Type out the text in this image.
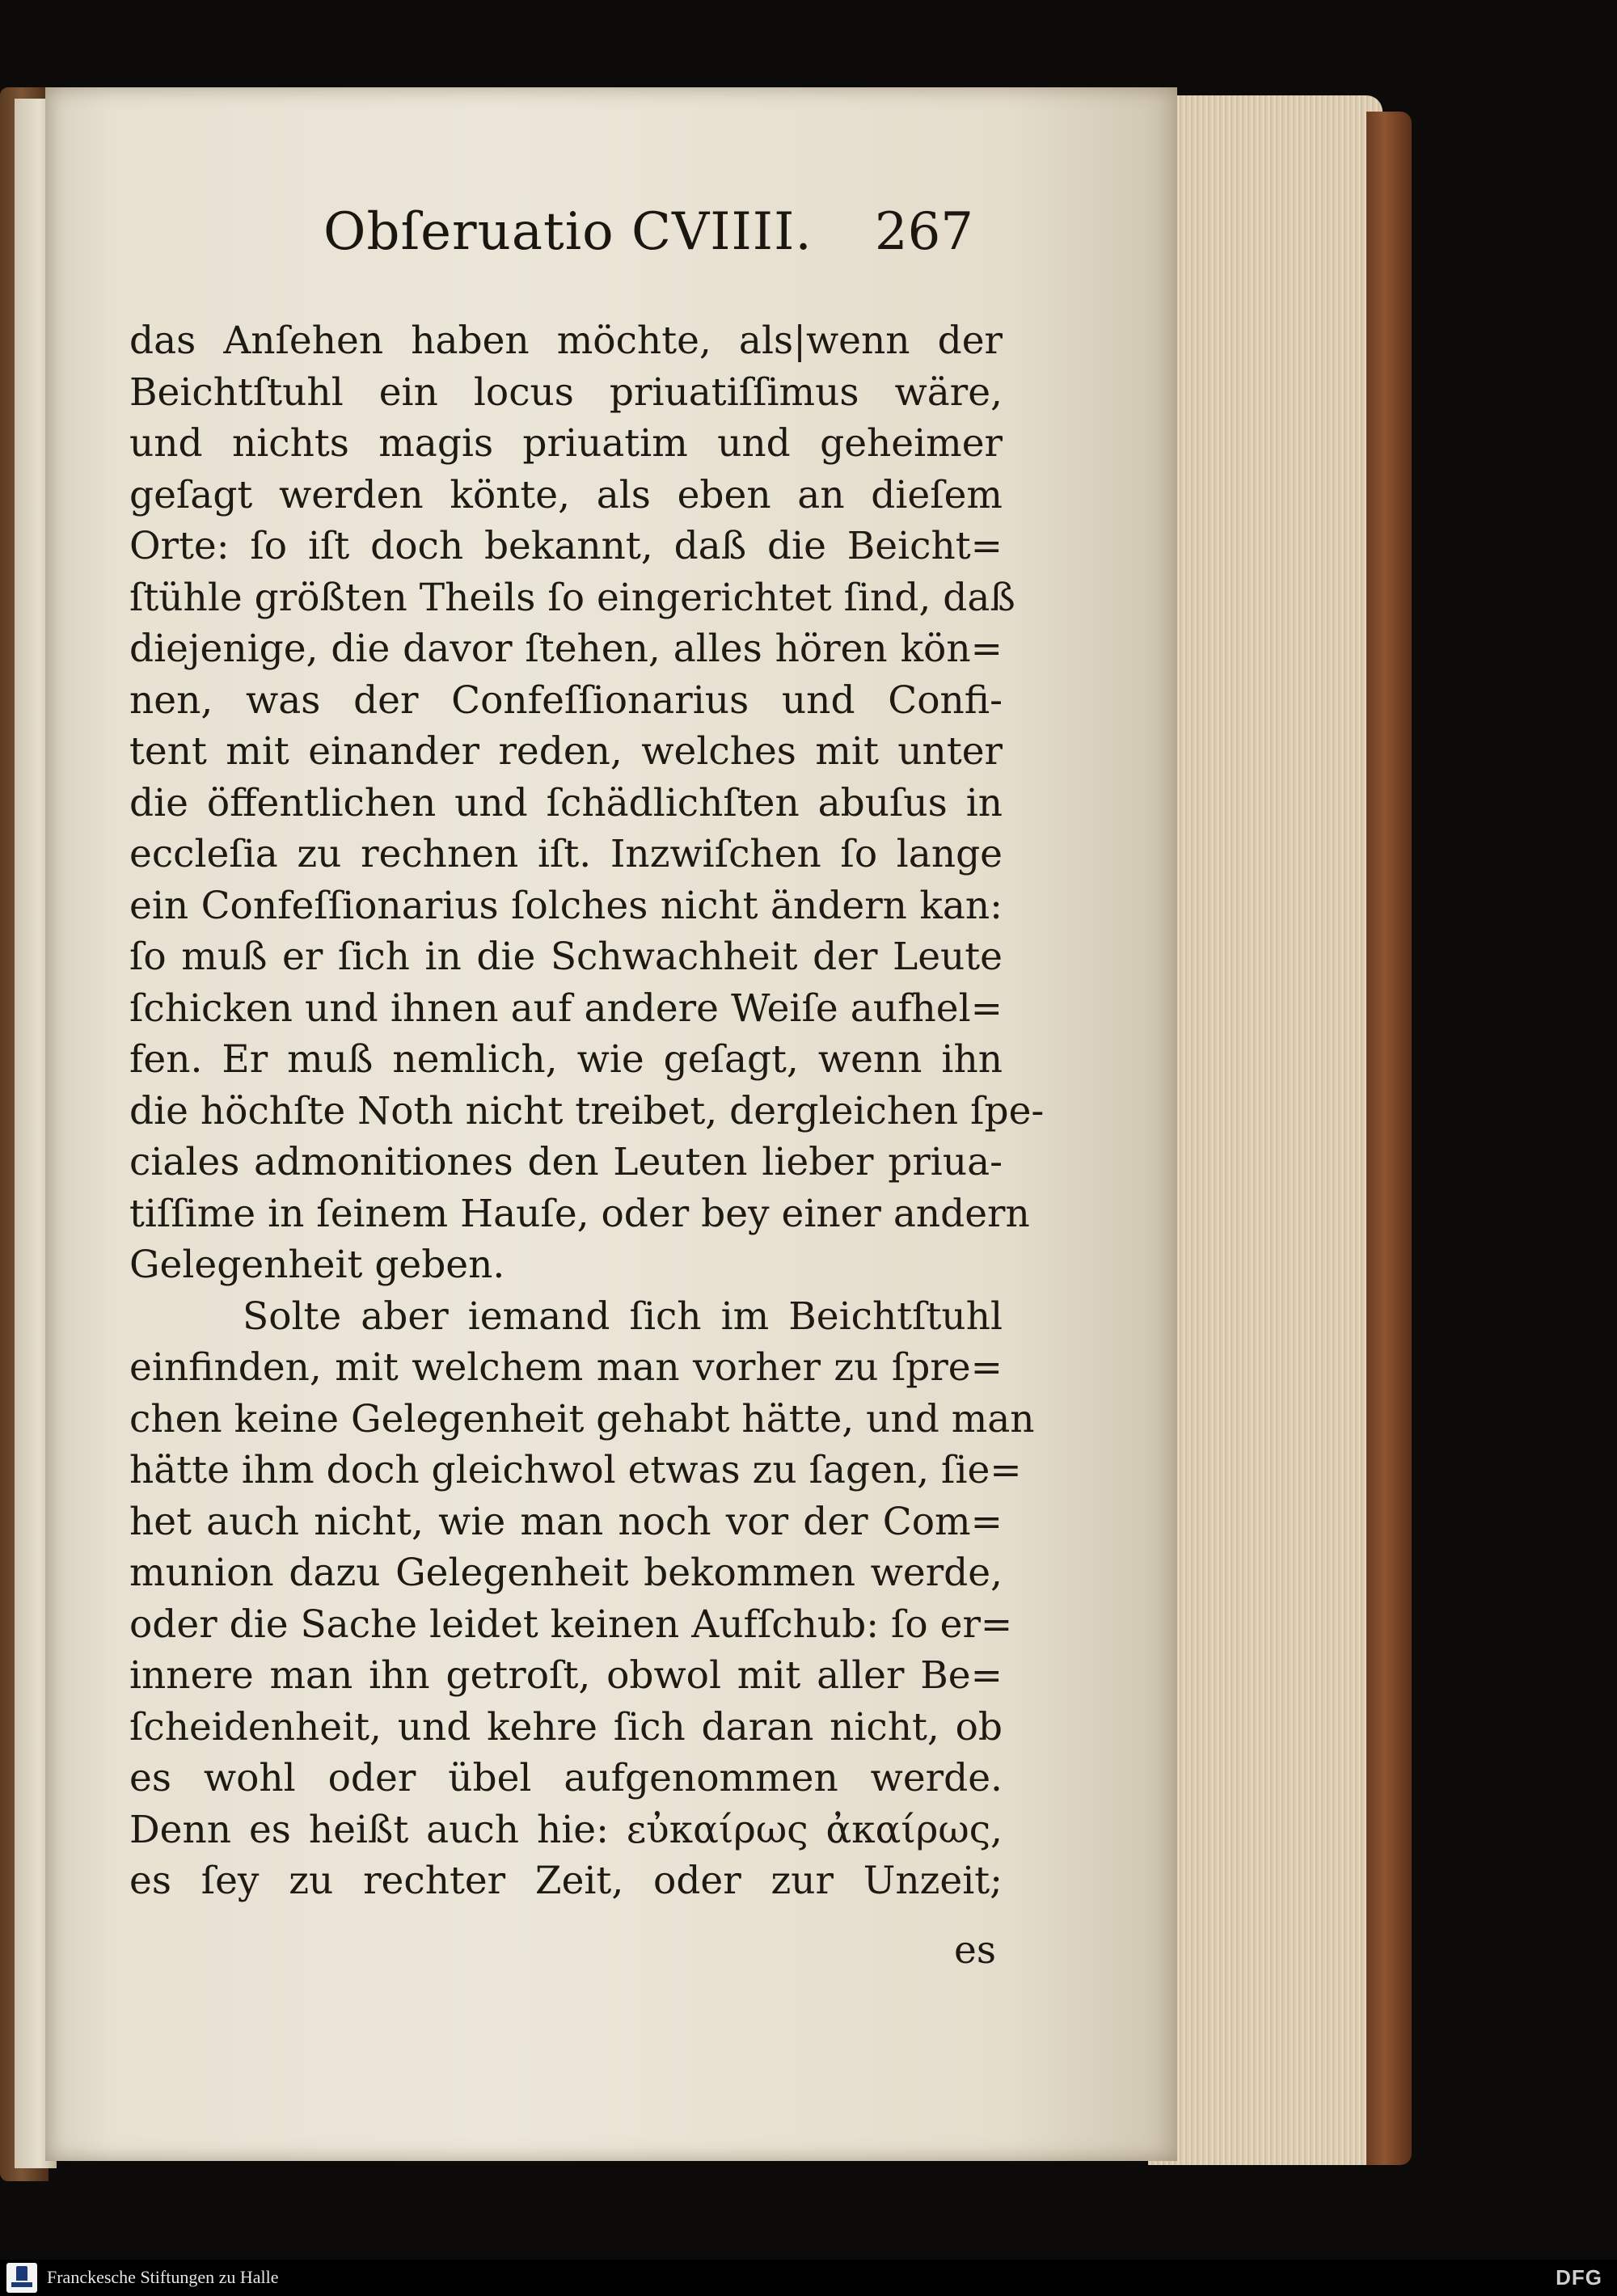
Obſeruatio CVIIII. 267
das Anſehen haben möchte, als|wenn der
Beichtſtuhl ein locus priuatiſſimus wäre,
und nichts magis priuatim und geheimer
geſagt werden könte, als eben an dieſem
Orte: ſo iſt doch bekannt, daß die Beicht=
ſtühle größten Theils ſo eingerichtet ſind, daß
diejenige, die davor ſtehen, alles hören kön=
nen, was der Confeſſionarius und Confi-
tent mit einander reden, welches mit unter
die öffentlichen und ſchädlichſten abuſus in
eccleſia zu rechnen iſt. Inzwiſchen ſo lange
ein Confeſſionarius ſolches nicht ändern kan:
ſo muß er ſich in die Schwachheit der Leute
ſchicken und ihnen auf andere Weiſe aufhel=
fen. Er muß nemlich, wie geſagt, wenn ihn
die höchſte Noth nicht treibet, dergleichen ſpe-
ciales admonitiones den Leuten lieber priua-
tiſſime in ſeinem Hauſe, oder bey einer andern
Gelegenheit geben.
Solte aber iemand ſich im Beichtſtuhl
einfinden, mit welchem man vorher zu ſpre=
chen keine Gelegenheit gehabt hätte, und man
hätte ihm doch gleichwol etwas zu ſagen, ſie=
het auch nicht, wie man noch vor der Com=
munion dazu Gelegenheit bekommen werde,
oder die Sache leidet keinen Aufſchub: ſo er=
innere man ihn getroſt, obwol mit aller Be=
ſcheidenheit, und kehre ſich daran nicht, ob
es wohl oder übel aufgenommen werde.
Denn es heißt auch hie: εὐκαίρως ἀκαίρως,
es ſey zu rechter Zeit, oder zur Unzeit;
es
Franckesche Stiftungen zu Halle	DFG
